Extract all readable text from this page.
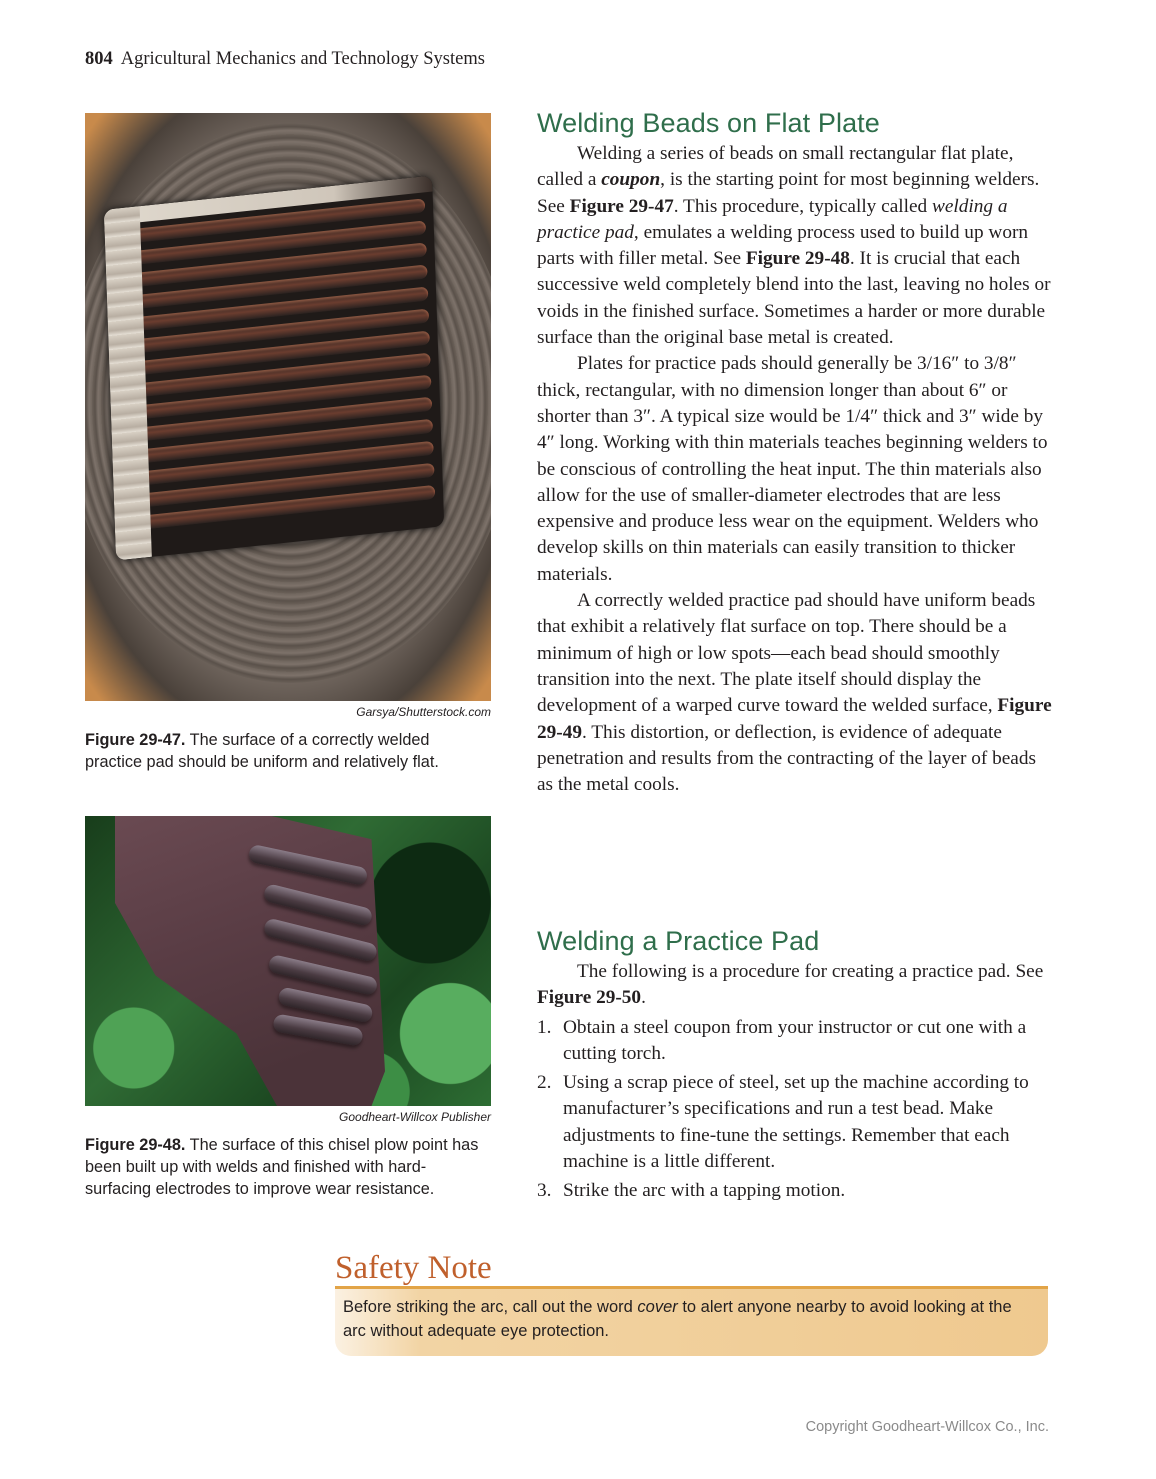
804 Agricultural Mechanics and Technology Systems
Garsya/Shutterstock.com
Figure 29-47. The surface of a correctly welded practice pad should be uniform and relatively flat.
Goodheart-Willcox Publisher
Figure 29-48. The surface of this chisel plow point has been built up with welds and finished with hard-surfacing electrodes to improve wear resistance.
Welding Beads on Flat Plate

Welding a series of beads on small rectangular flat plate, called a coupon, is the starting point for most beginning welders. See Figure 29-47. This procedure, typically called welding a practice pad, emulates a welding process used to build up worn parts with filler metal. See Figure 29-48. It is crucial that each successive weld completely blend into the last, leaving no holes or voids in the finished surface. Sometimes a harder or more durable surface than the original base metal is created.

Plates for practice pads should generally be 3/16″ to 3/8″ thick, rectangular, with no dimension longer than about 6″ or shorter than 3″. A typical size would be 1/4″ thick and 3″ wide by 4″ long. Working with thin materials teaches beginning welders to be conscious of controlling the heat input. The thin materials also allow for the use of smaller-diameter electrodes that are less expensive and produce less wear on the equipment. Welders who develop skills on thin materials can easily transition to thicker materials.

A correctly welded practice pad should have uniform beads that exhibit a relatively flat surface on top. There should be a minimum of high or low spots—each bead should smoothly transition into the next. The plate itself should display the development of a warped curve toward the welded surface, Figure 29-49. This distortion, or deflection, is evidence of adequate penetration and results from the contracting of the layer of beads as the metal cools.

Welding a Practice Pad

The following is a procedure for creating a practice pad. See Figure 29-50.

1. Obtain a steel coupon from your instructor or cut one with a cutting torch.
2. Using a scrap piece of steel, set up the machine according to manufacturer’s specifications and run a test bead. Make adjustments to fine-tune the settings. Remember that each machine is a little different.
3. Strike the arc with a tapping motion.
Safety Note
Before striking the arc, call out the word cover to alert anyone nearby to avoid looking at the arc without adequate eye protection.
Copyright Goodheart-Willcox Co., Inc.
